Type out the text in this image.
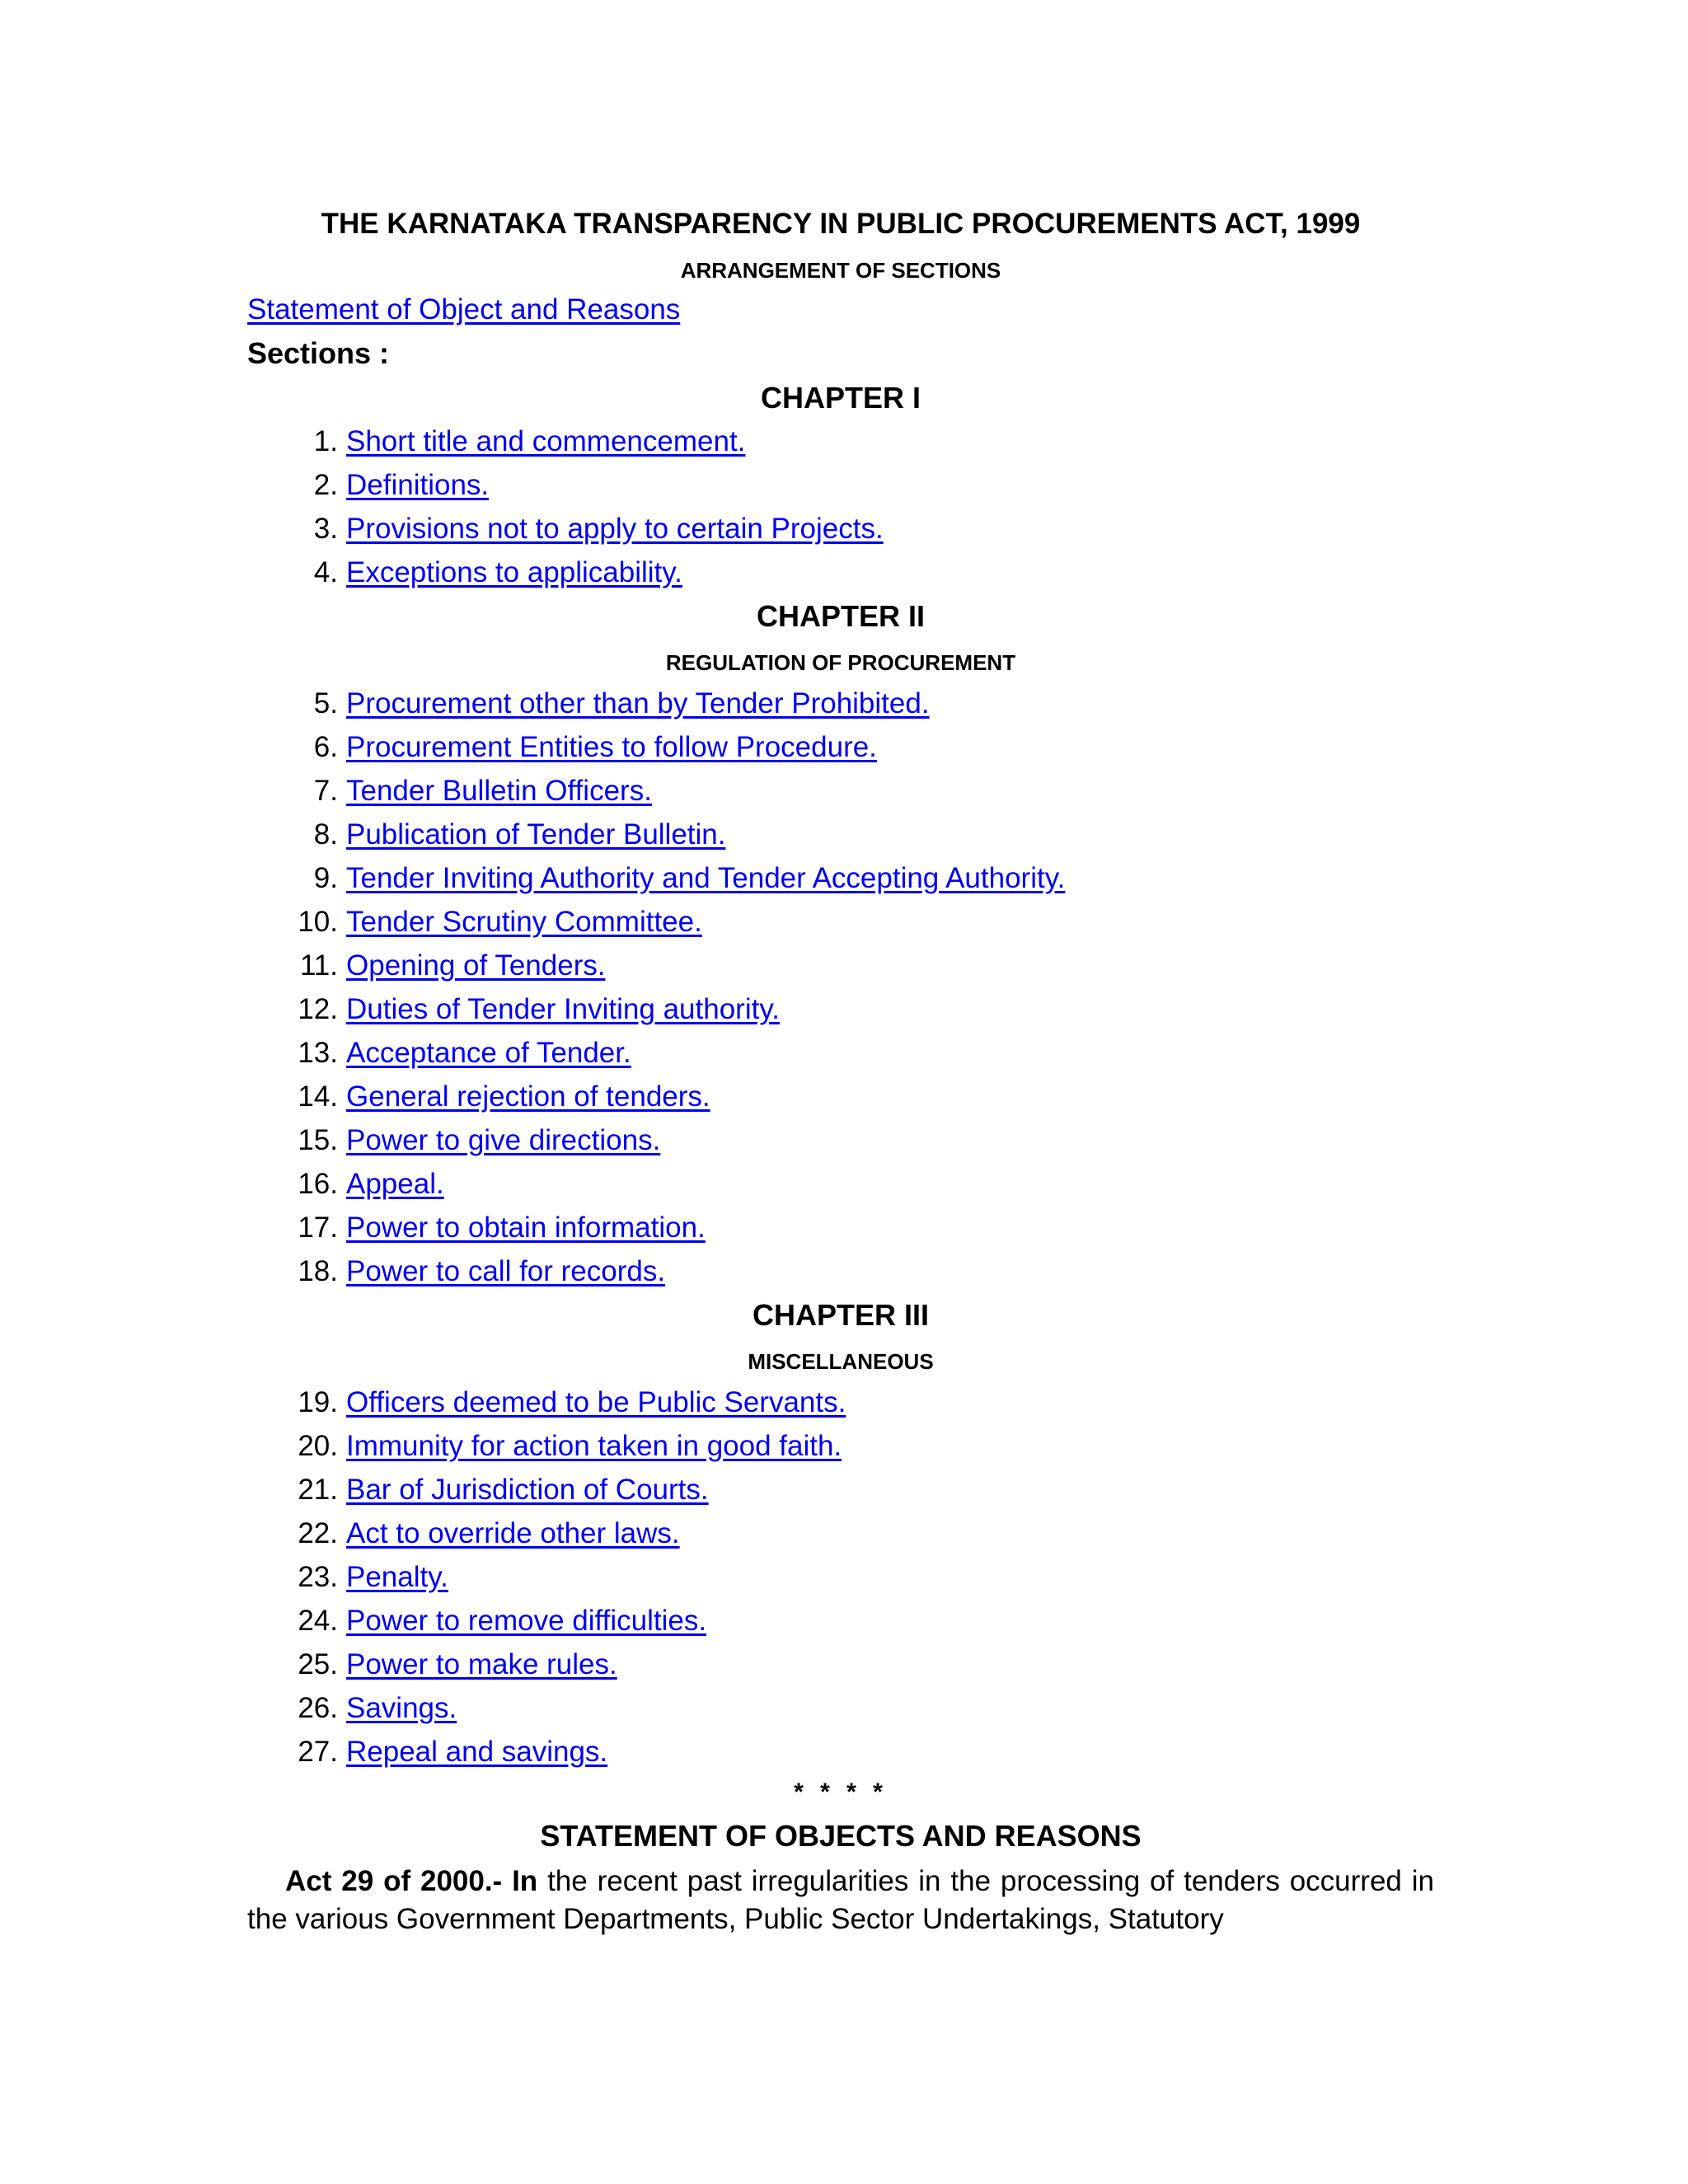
THE KARNATAKA TRANSPARENCY IN PUBLIC PROCUREMENTS ACT, 1999
ARRANGEMENT OF SECTIONS
Statement of Object and Reasons
Sections :
CHAPTER I
1. Short title and commencement.
2. Definitions.
3. Provisions not to apply to certain Projects.
4. Exceptions to applicability.
CHAPTER II
REGULATION OF PROCUREMENT
5. Procurement other than by Tender Prohibited.
6. Procurement Entities to follow Procedure.
7. Tender Bulletin Officers.
8. Publication of Tender Bulletin.
9. Tender Inviting Authority and Tender Accepting Authority.
10. Tender Scrutiny Committee.
11. Opening of Tenders.
12. Duties of Tender Inviting authority.
13. Acceptance of Tender.
14. General rejection of tenders.
15. Power to give directions.
16. Appeal.
17. Power to obtain information.
18. Power to call for records.
CHAPTER III
MISCELLANEOUS
19. Officers deemed to be Public Servants.
20. Immunity for action taken in good faith.
21. Bar of Jurisdiction of Courts.
22. Act to override other laws.
23. Penalty.
24. Power to remove difficulties.
25. Power to make rules.
26. Savings.
27. Repeal and savings.
* * * *
STATEMENT OF OBJECTS AND REASONS

Act 29 of 2000.- In the recent past irregularities in the processing of tenders occurred in the various Government Departments, Public Sector Undertakings, Statutory
